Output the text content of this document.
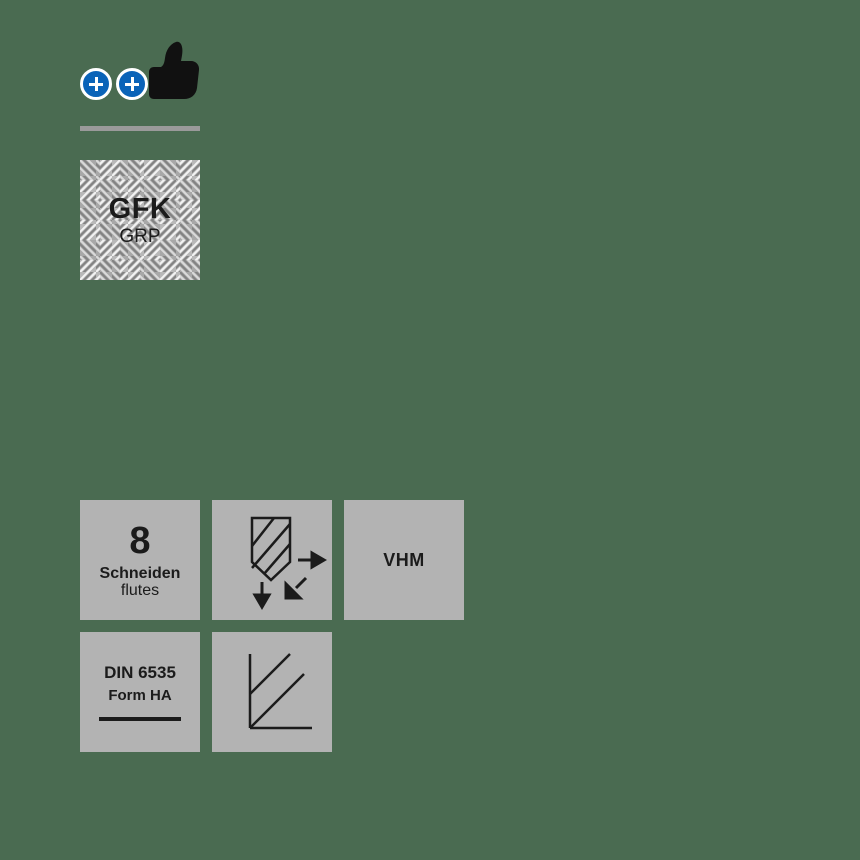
GFK
GRP
8
Schneiden
flutes
VHM
DIN 6535
Form HA
